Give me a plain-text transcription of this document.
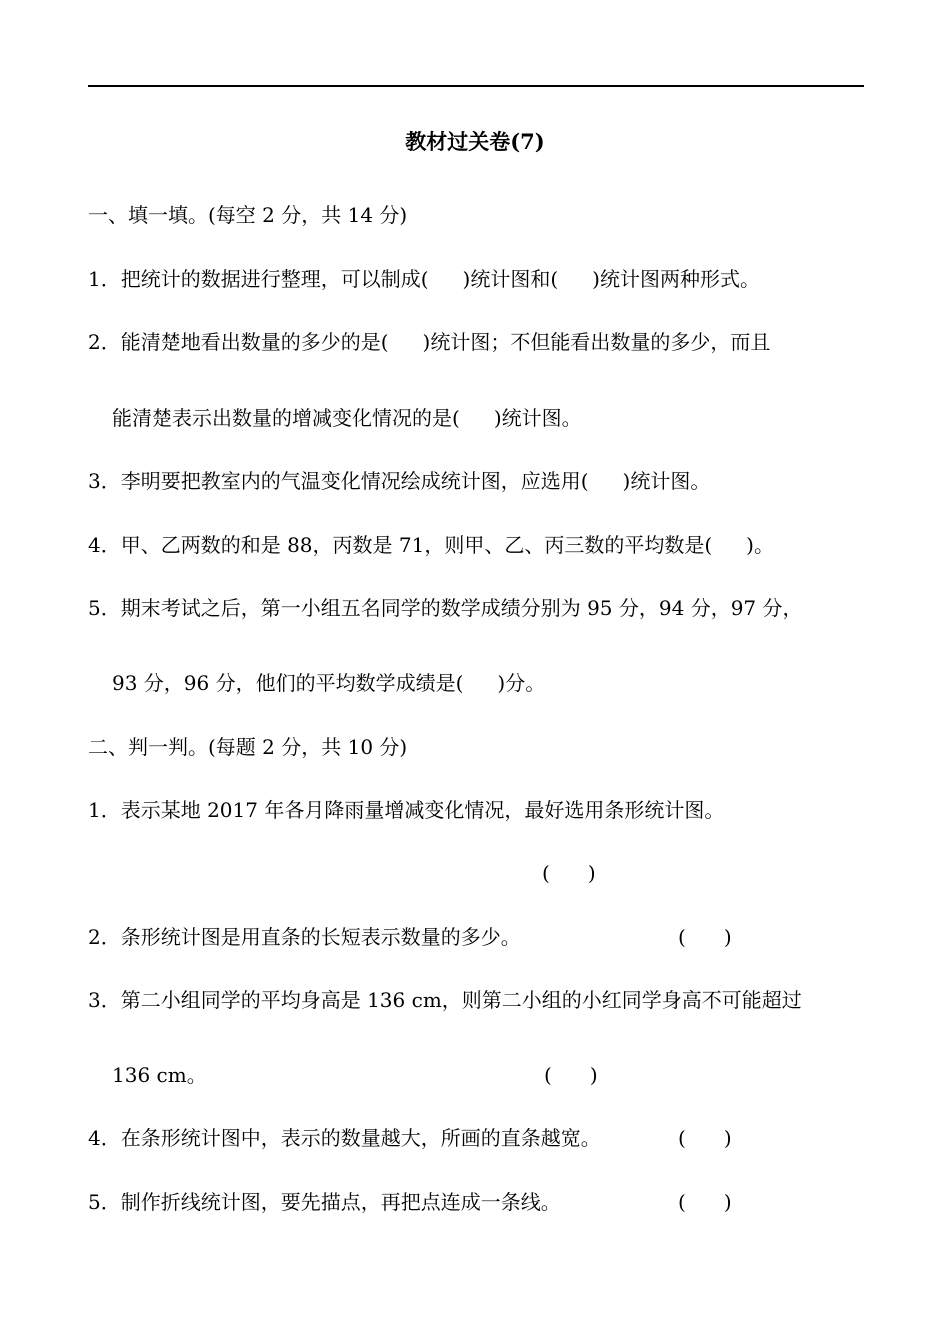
教材过关卷(7)
一、填一填。(每空 2 分，共 14 分)
1．把统计的数据进行整理，可以制成( )统计图和( )统计图两种形式。
2．能清楚地看出数量的多少的是( )统计图；不但能看出数量的多少，而且
能清楚表示出数量的增减变化情况的是( )统计图。
3．李明要把教室内的气温变化情况绘成统计图，应选用( )统计图。
4．甲、乙两数的和是 88，丙数是 71，则甲、乙、丙三数的平均数是( )。
5．期末考试之后，第一小组五名同学的数学成绩分别为 95 分，94 分，97 分，
93 分，96 分，他们的平均数学成绩是( )分。
二、判一判。(每题 2 分，共 10 分)
1．表示某地 2017 年各月降雨量增减变化情况，最好选用条形统计图。
( )
2．条形统计图是用直条的长短表示数量的多少。	( )
3．第二小组同学的平均身高是 136 cm，则第二小组的小红同学身高不可能超过
136 cm。	( )
4．在条形统计图中，表示的数量越大，所画的直条越宽。	( )
5．制作折线统计图，要先描点，再把点连成一条线。	( )
